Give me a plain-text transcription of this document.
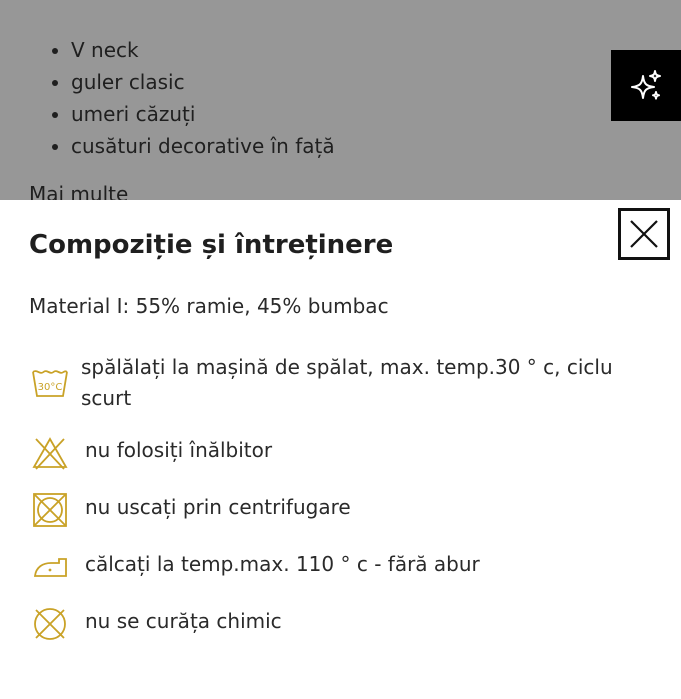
V neck
guler clasic
umeri căzuți
cusături decorative în față
Mai multe
Compoziție și întreținere
Material I: 55% ramie, 45% bumbac
30°C
spălălați la mașină de spălat, max. temp.30 ° c, ciclu scurt
nu folosiți înălbitor
nu uscați prin centrifugare
călcați la temp.max. 110 ° c - fără abur
nu se curăța chimic
